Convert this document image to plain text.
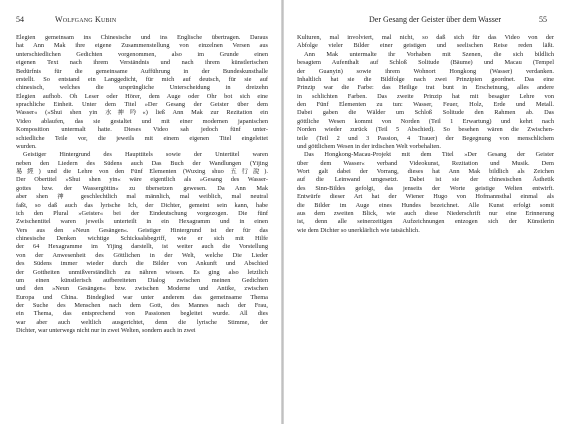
54	Wolfgang Kubin
Elegien gemeinsam ins Chinesische und ins Englische übertragen. Daraus
hat Ann Mak ihre eigene Zusammenstellung von einzelnen Versen aus
unterschiedlichen Gedichten vorgenommen, also im Grunde einen
eigenen Text nach ihrem Verständnis und nach ihrem künstlerischen
Bedürfnis für die gemeinsame Aufführung in der Bundeskunsthalle
erstellt. So entstand ein Langgedicht, für mich auf deutsch, für sie auf
chinesisch, welches die ursprüngliche Unterscheidung in dreizehn
Elegien aufhob. Oh Leser oder Hörer, dem Auge oder Ohr bot sich eine
sprachliche Einheit. Unter dem Titel »Der Gesang der Geister über dem
Wasser« (»Shui shen yin 水神吟«) ließ Ann Mak zur Rezitation ein
Video ablaufen, das sie gestaltet und mit einer modernen japanischen
Komposition untermalt hatte. Dieses Video sah jedoch fünf unter-
schiedliche Teile vor, die jeweils mit einem eigenen Titel eingeleitet
wurden.
Geistiger Hintergrund des Haupttitels sowie der Untertitel waren
neben den Liedern des Südens auch Das Buch der Wandlungen (Yijing
易經) und die Lehre von den Fünf Elementen (Wuxing shuo 五行說).
Der Obertitel »Shui shen yin« wäre eigentlich als »Gesang des Wasser-
gottes bzw. der Wassergöttin« zu übersetzen gewesen. Da Ann Mak
aber shen 神 geschlechtlich mal männlich, mal weiblich, mal neutral
faßt, so daß auch das lyrische Ich, der Dichter, gemeint sein kann, habe
ich den Plural »Geister« bei der Eindeutschung vorgezogen. Die fünf
Zwischentitel waren jeweils unterteilt in ein Hexagramm und in einen
Vers aus den »Neun Gesängen«. Geistiger Hintergrund ist der für das
chinesische Denken wichtige Schicksalsbegriff, wie er sich mit Hilfe
der 64 Hexagramme im Yijing darstellt, ist weiter auch die Vorstellung
von der Anwesenheit des Göttlichen in der Welt, welche Die Lieder
des Südens immer wieder durch die Bilder von Ankunft und Abschied
der Gottheiten unmißverständlich zu nähren wissen. Es ging also letztlich
um einen künstlerisch aufbereiteten Dialog zwischen meinen Gedichten
und den »Neun Gesängen« bzw. zwischen Moderne und Antike, zwischen
Europa und China. Bindeglied war unter anderem das gemeinsame Thema
der Suche des Menschen nach dem Gott, des Mannes nach der Frau,
ein Thema, das entsprechend von Passionen begleitet wurde. All dies
war aber auch weltlich ausgerichtet, denn die lyrische Stimme, der
Dichter, war unterwegs nicht nur in zwei Welten, sondern auch in zwei
Der Gesang der Geister über dem Wasser	55
Kulturen, mal involviert, mal nicht, so daß sich für das Video von der
Abfolge vieler Bilder einer geistigen und seelischen Reise reden läßt.
Ann Mak untermalte ihr Vorhaben mit Szenen, die sich bildlich
besagtem Aufenthalt auf Schloß Solitude (Bäume) und Macau (Tempel
der Guanyin) sowie ihrem Wohnort Hongkong (Wasser) verdanken.
Inhaltlich hat sie die Bildfolge nach zwei Prinzipien geordnet. Das eine
Prinzip war die Farbe: das Heilige trat bunt in Erscheinung, alles andere
in schlichten Farben. Das zweite Prinzip hat mit besagter Lehre von
den Fünf Elementen zu tun: Wasser, Feuer, Holz, Erde und Metall.
Dabei gaben die Wälder um Schloß Solitude den Rahmen ab. Das
göttliche Wesen kommt von Norden (Teil 1 Erwartung) und kehrt nach
Norden wieder zurück (Teil 5 Abschied). So besehen wären die Zwischen-
teile (Teil 2 und 3 Passion, 4 Trauer) der Begegnung von menschlichem
und göttlichem Wesen in der irdischen Welt vorbehalten.
Das Hongkong-Macau-Projekt mit dem Titel »Der Gesang der Geister
über dem Wasser« verband Videokunst, Rezitation und Musik. Dem
Wort galt dabei der Vorrang, dieses hat Ann Mak bildlich als Zeichen
auf die Leinwand umgesetzt. Dabei ist sie der chinesischen Ästhetik
des Sinn-Bildes gefolgt, das jenseits der Worte geistige Welten entwirft.
Entwürfe dieser Art hat der Wiener Hugo von Hofmannsthal einmal als
die Bilder im Auge eines Hundes bezeichnet. Alle Kunst erfolgt somit
aus dem zweiten Blick, wie auch diese Niederschrift nur eine Erinnerung
ist, denn alle seinerzeitigen Aufzeichnungen entzogen sich der Künstlerin
wie dem Dichter so unerklärlich wie tatsächlich.
